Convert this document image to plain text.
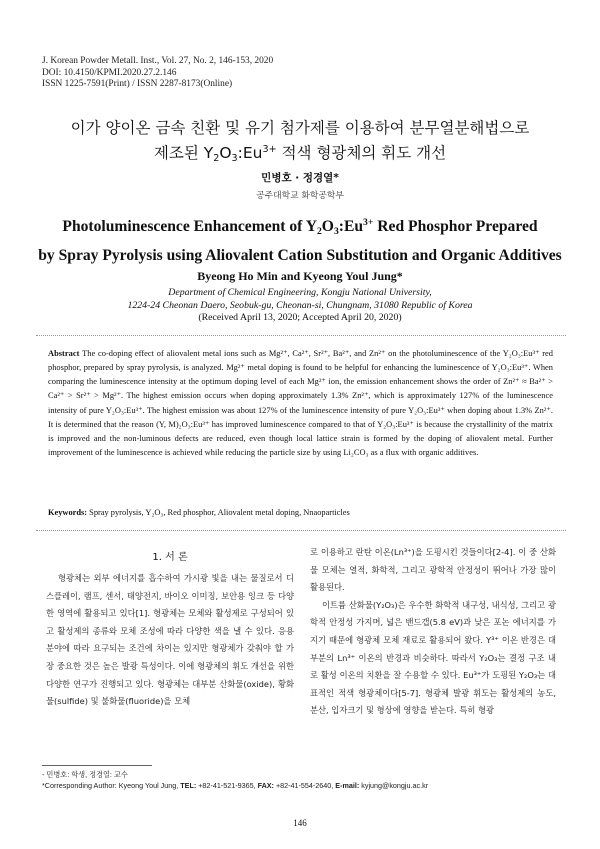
J. Korean Powder Metall. Inst., Vol. 27, No. 2, 146-153, 2020
DOI: 10.4150/KPMI.2020.27.2.146
ISSN 1225-7591(Print) / ISSN 2287-8173(Online)
이가 양이온 금속 친환 및 유기 첨가제를 이용하여 분무열분해법으로
제조된 $Y_2O_3:Eu^{3+}$ 적색 형광체의 휘도 개선
민병호 · 정경열*
공주대학교 화학공학부
Photoluminescence Enhancement of $Y_2O_3:Eu^{3+}$ Red Phosphor Prepared
by Spray Pyrolysis using Aliovalent Cation Substitution and Organic Additives
Byeong Ho Min and Kyeong Youl Jung*
Department of Chemical Engineering, Kongju National University,
1224-24 Cheonan Daero, Seobuk-gu, Cheonan-si, Chungnam, 31080 Republic of Korea
(Received April 13, 2020; Accepted April 20, 2020)
Abstract The co-doping effect of aliovalent metal ions such as Mg²⁺, Ca²⁺, Sr²⁺, Ba²⁺, and Zn²⁺ on the photoluminescence of the Y₂O₃:Eu³⁺ red phosphor, prepared by spray pyrolysis, is analyzed. Mg²⁺ metal doping is found to be helpful for enhancing the luminescence of Y₂O₃:Eu³⁺. When comparing the luminescence intensity at the optimum doping level of each Mg²⁺ ion, the emission enhancement shows the order of Zn²⁺ ≈ Ba²⁺ > Ca²⁺ > Sr²⁺ > Mg²⁺. The highest emission occurs when doping approximately 1.3% Zn²⁺, which is approximately 127% of the luminescence intensity of pure Y₂O₃:Eu³⁺. The highest emission was about 127% of the luminescence intensity of pure Y₂O₃:Eu³⁺ when doping about 1.3% Zn²⁺. It is determined that the reason (Y, M)₂O₃:Eu³⁺ has improved luminescence compared to that of Y₂O₃:Eu³⁺ is because the crystallinity of the matrix is improved and the non-luminous defects are reduced, even though local lattice strain is formed by the doping of aliovalent metal. Further improvement of the luminescence is achieved while reducing the particle size by using Li₂CO₃ as a flux with organic additives.
Keywords: Spray pyrolysis, Y₂O₃, Red phosphor, Aliovalent metal doping, Nnaoparticles
1. 서 론

형광체는 외부 에너지를 흡수하여 가시광 빛을 내는 물질로서 디스플레이, 램프, 센서, 태양전지, 바이오 이미징, 보안용 잉크 등 다양한 영역에 활용되고 있다[1]. 형광체는 모체와 활성제로 구성되어 있고 활성제의 종류와 모체 조성에 따라 다양한 색을 낼 수 있다. 응용 분야에 따라 요구되는 조건에 차이는 있지만 형광체가 갖춰야 할 가장 중요한 것은 높은 발광 특성이다. 이에 형광체의 휘도 개선을 위한 다양한 연구가 진행되고 있다. 형광체는 대부분 산화물(oxide), 황화물(sulfide) 및 불화물(fluoride)을 모체

로 이용하고 란탄 이온(Ln³⁺)을 도핑시킨 것들이다[2-4]. 이 중 산화물 모체는 열적, 화학적, 그리고 광학적 안정성이 뛰어나 가장 많이 활용된다.

이트륨 산화물(Y₂O₃)은 우수한 화학적 내구성, 내식성, 그리고 광학적 안정성 가지며, 넓은 밴드갭(5.8 eV)과 낮은 포논 에너지를 가지기 때문에 형광체 모체 재료로 활용되어 왔다. Y³⁺ 이온 반경은 대부분의 Ln³⁺ 이온의 반경과 비슷하다. 따라서 Y₂O₃는 결정 구조 내로 활성 이온의 치환을 잘 수용할 수 있다. Eu³⁺가 도핑된 Y₂O₃는 대표적인 적색 형광체이다[5-7]. 형광체 발광 휘도는 활성제의 농도, 분산, 입자크기 및 형상에 영향을 받는다. 특히 형광

- 민병호: 학생, 정경열: 교수
*Corresponding Author: Kyeong Youl Jung, TEL: +82-41-521-9365, FAX: +82-41-554-2640, E-mail: kyjung@kongju.ac.kr
146
